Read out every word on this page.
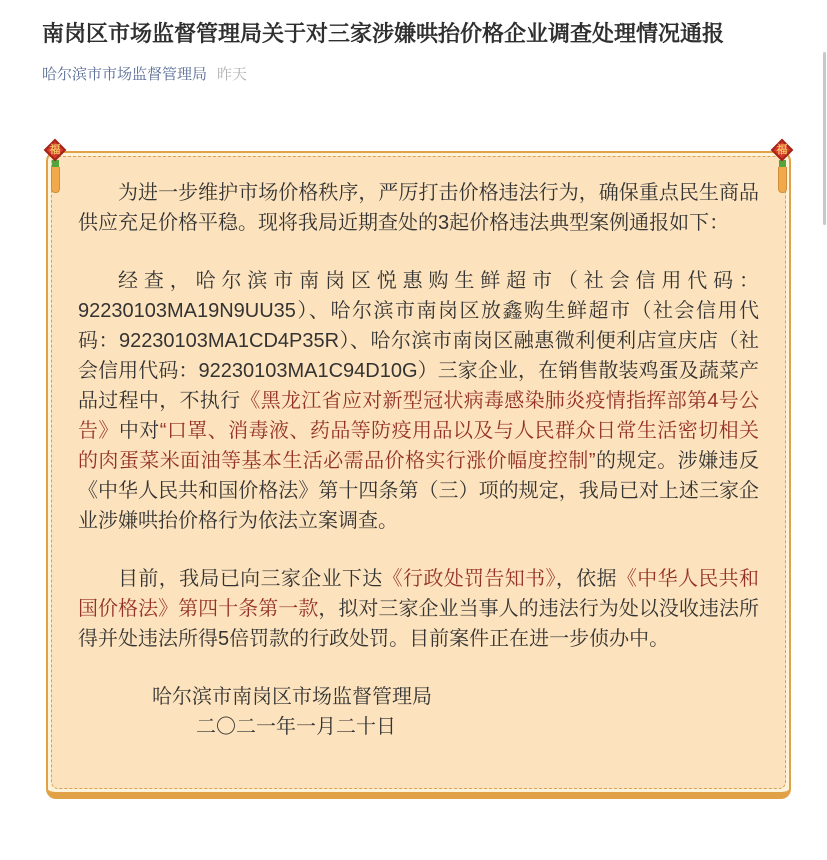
南岗区市场监督管理局关于对三家涉嫌哄抬价格企业调查处理情况通报
哈尔滨市市场监督管理局 昨天
福	福

为进一步维护市场价格秩序，严厉打击价格违法行为，确保重点民生商品供应充足价格平稳。现将我局近期查处的3起价格违法典型案例通报如下：

经查，哈尔滨市南岗区悦惠购生鲜超市（社会信用代码：92230103MA19N9UU35）、哈尔滨市南岗区放鑫购生鲜超市（社会信用代码：92230103MA1CD4P35R）、哈尔滨市南岗区融惠微利便利店宣庆店（社会信用代码：92230103MA1C94D10G）三家企业，在销售散装鸡蛋及蔬菜产品过程中，不执行《黑龙江省应对新型冠状病毒感染肺炎疫情指挥部第4号公告》中对“口罩、消毒液、药品等防疫用品以及与人民群众日常生活密切相关的肉蛋菜米面油等基本生活必需品价格实行涨价幅度控制”的规定。涉嫌违反《中华人民共和国价格法》第十四条第（三）项的规定，我局已对上述三家企业涉嫌哄抬价格行为依法立案调查。

目前，我局已向三家企业下达《行政处罚告知书》，依据《中华人民共和国价格法》第四十条第一款，拟对三家企业当事人的违法行为处以没收违法所得并处违法所得5倍罚款的行政处罚。目前案件正在进一步侦办中。

哈尔滨市南岗区市场监督管理局

二〇二一年一月二十日
